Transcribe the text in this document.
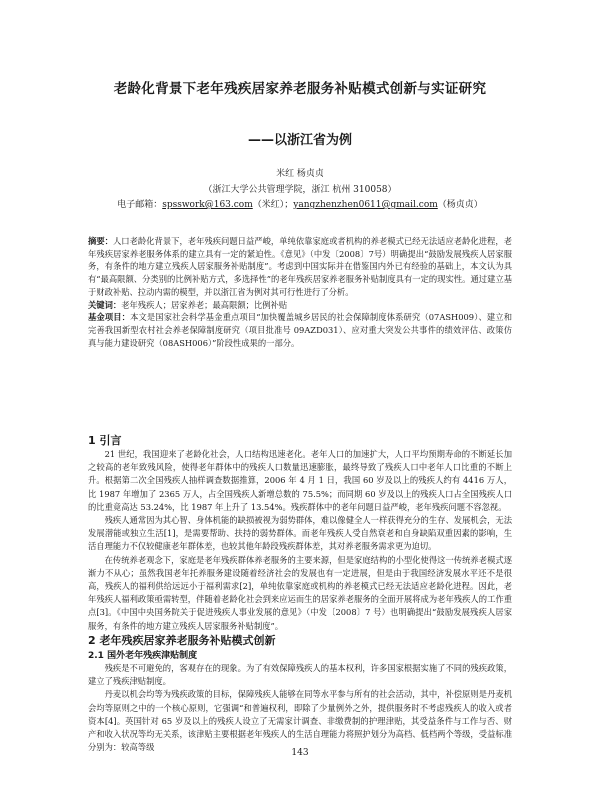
老龄化背景下老年残疾居家养老服务补贴模式创新与实证研究
——以浙江省为例
米红 杨贞贞
（浙江大学公共管理学院，浙江 杭州 310058）
电子邮箱：spsswork@163.com（米红）；yangzhenzhen0611@gmail.com（杨贞贞）

摘要：人口老龄化背景下，老年残疾问题日益严峻，单纯依靠家庭或者机构的养老模式已经无法适应老龄化进程，老年残疾居家养老服务体系的建立具有一定的紧迫性。《意见》（中发〔2008〕7号）明确提出“鼓励发展残疾人居家服务，有条件的地方建立残疾人居家服务补贴制度”。考虑到中国实际并在借鉴国内外已有经验的基础上，本文认为具有“最高限额、分类别的比例补贴方式，多选择性”的老年残疾居家养老服务补贴制度具有一定的现实性。通过建立基于财政补贴、拉动内需的模型，并以浙江省为例对其可行性进行了分析。

关键词：老年残疾人；居家养老；最高限额；比例补贴

基金项目：本文是国家社会科学基金重点项目“加快覆盖城乡居民的社会保障制度体系研究（07ASH009）、建立和完善我国新型农村社会养老保障制度研究（项目批准号 09AZD031）、应对重大突发公共事件的绩效评估、政策仿真与能力建设研究（08ASH006）”阶段性成果的一部分。

1 引言

21 世纪，我国迎来了老龄化社会，人口结构迅速老化。老年人口的加速扩大，人口平均预期寿命的不断延长加之较高的老年致残风险，使得老年群体中的残疾人口数量迅速膨胀，最终导致了残疾人口中老年人口比重的不断上升。根据第二次全国残疾人抽样调查数据推算，2006 年 4 月 1 日，我国 60 岁及以上的残疾人约有 4416 万人，比 1987 年增加了 2365 万人，占全国残疾人新增总数的 75.5%；而同期 60 岁及以上的残疾人口占全国残疾人口的比重竟高达 53.24%，比 1987 年上升了 13.54%。残疾群体中的老年问题日益严峻，老年残疾问题不容忽视。

残疾人通常因为其心智、身体机能的缺损被视为弱势群体，难以像健全人一样获得充分的生存、发展机会，无法发展潜能或独立生活[1]，是需要帮助、扶持的弱势群体。而老年残疾人受自然衰老和自身缺陷双重因素的影响，生活自理能力不仅较健康老年群体差，也较其他年龄段残疾群体差，其对养老服务需求更为迫切。

在传统养老观念下，家庭是老年残疾群体养老服务的主要来源，但是家庭结构的小型化使得这一传统养老模式逐渐力不从心；虽然我国老年托养服务建设随着经济社会的发展也有一定进展，但是由于我国经济发展水平还不是很高，残疾人的福利供给远远小于福利需求[2]，单纯依靠家庭或机构的养老模式已经无法适应老龄化进程。因此，老年残疾人福利政策亟需转型，伴随着老龄化社会到来应运而生的居家养老服务的全面开展将成为老年残疾人的工作重点[3]。《中国中央国务院关于促进残疾人事业发展的意见》（中发〔2008〕7 号）也明确提出“鼓励发展残疾人居家服务，有条件的地方建立残疾人居家服务补贴制度”。

2 老年残疾居家养老服务补贴模式创新
2.1 国外老年残疾津贴制度

残疾是不可避免的，客观存在的现象。为了有效保障残疾人的基本权利，许多国家根据实施了不同的残疾政策，建立了残疾津贴制度。

丹麦以机会均等为残疾政策的目标，保障残疾人能够在同等水平参与所有的社会活动，其中，补偿原则是丹麦机会均等原则之中的一个核心原则，它强调“和普遍权利，即除了少量例外之外，提供服务时不考虑残疾人的收入或者资本[4]。英国针对 65 岁及以上的残疾人设立了无需家计调查、非缴费制的护理津贴，其受益条件与工作与否、财产和收入状况等均无关系，该津贴主要根据老年残疾人的生活自理能力将照护划分为高档、低档两个等级，受益标准分别为：较高等级

143
